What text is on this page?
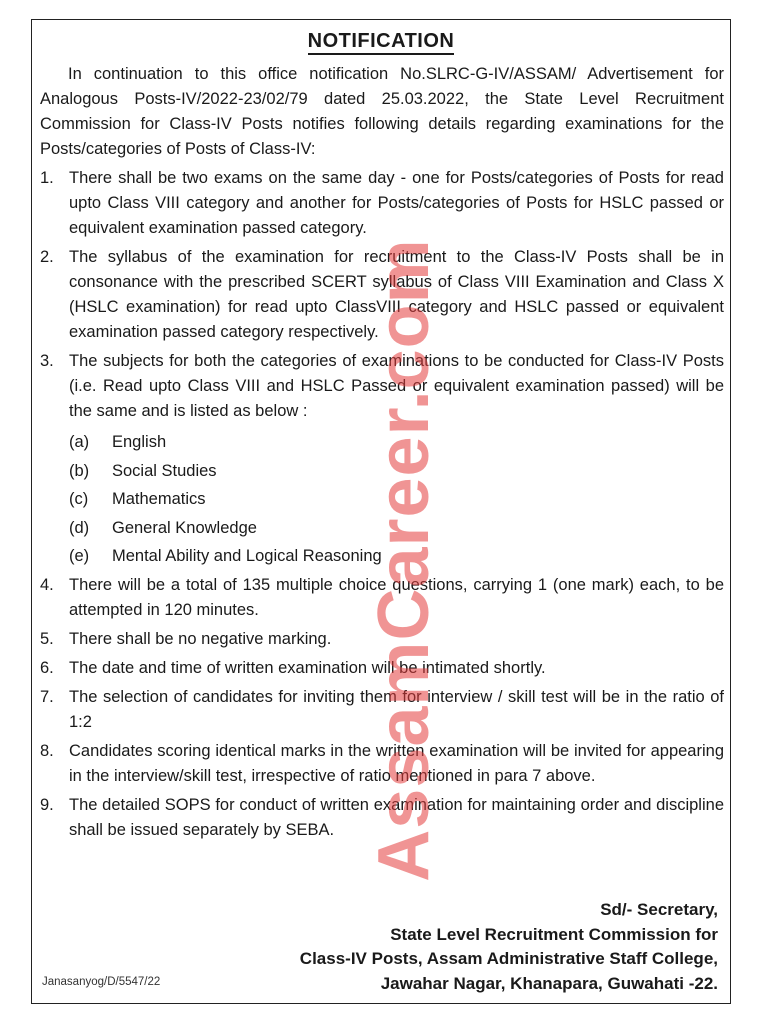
NOTIFICATION
In continuation to this office notification No.SLRC-G-IV/ASSAM/ Advertisement for Analogous Posts-IV/2022-23/02/79 dated 25.03.2022, the State Level Recruitment Commission for Class-IV Posts notifies following details regarding examinations for the Posts/categories of Posts of Class-IV:
1. There shall be two exams on the same day - one for Posts/categories of Posts for read upto Class VIII category and another for Posts/categories of Posts for HSLC passed or equivalent examination passed category.
2. The syllabus of the examination for recruitment to the Class-IV Posts shall be in consonance with the prescribed SCERT syllabus of Class VIII Examination and Class X (HSLC examination) for read upto ClassVIII category and HSLC passed or equivalent examination passed category respectively.
3. The subjects for both the categories of examinations to be conducted for Class-IV Posts (i.e. Read upto Class VIII and HSLC Passed or equivalent examination passed) will be the same and is listed as below :
(a) English
(b) Social Studies
(c) Mathematics
(d) General Knowledge
(e) Mental Ability and Logical Reasoning
4. There will be a total of 135 multiple choice questions, carrying 1 (one mark) each, to be attempted in 120 minutes.
5. There shall be no negative marking.
6. The date and time of written examination will be intimated shortly.
7. The selection of candidates for inviting them for interview / skill test will be in the ratio of 1:2
8. Candidates scoring identical marks in the written examination will be invited for appearing in the interview/skill test, irrespective of ratio mentioned in para 7 above.
9. The detailed SOPS for conduct of written examination for maintaining order and discipline shall be issued separately by SEBA.
Sd/- Secretary,
State Level Recruitment Commission for
Class-IV Posts, Assam Administrative Staff College,
Jawahar Nagar, Khanapara, Guwahati -22.
Janasanyog/D/5547/22
AssamCareer.com
